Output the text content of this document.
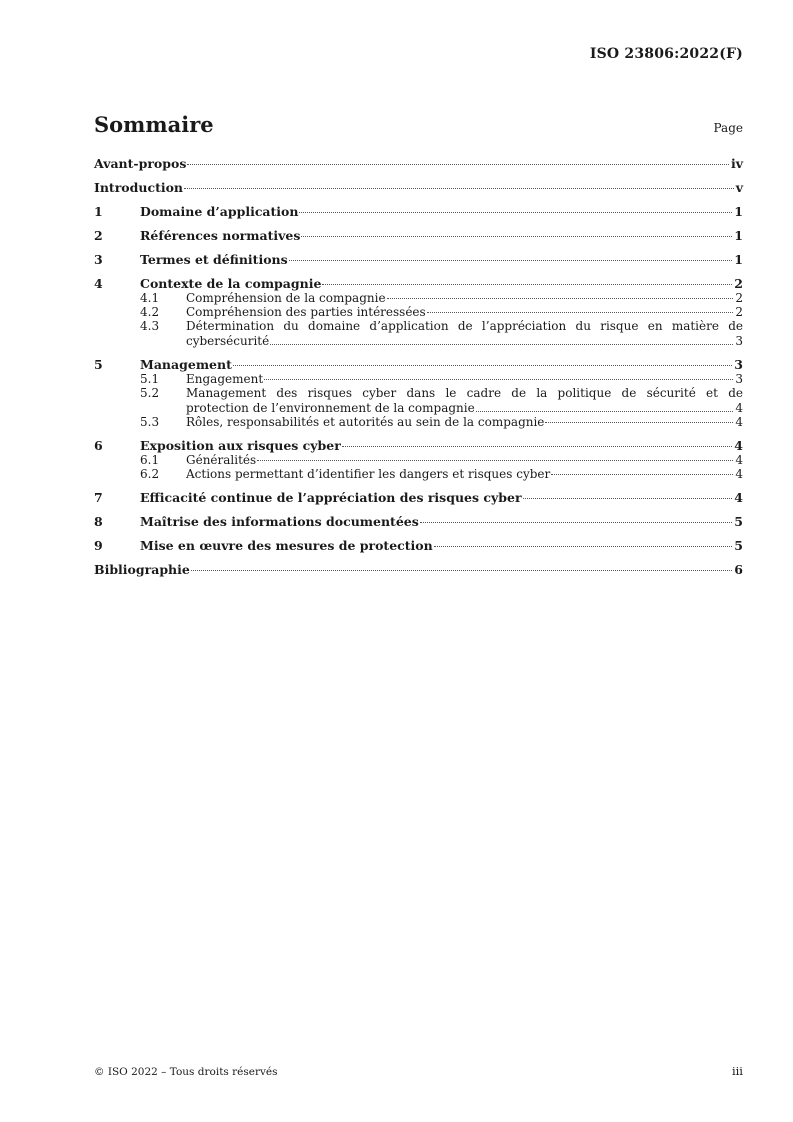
ISO 23806:2022(F)
Sommaire	Page
Avant-propos	iv
Introduction	v
1	Domaine d’application	1
2	Références normatives	1
3	Termes et définitions	1
4	Contexte de la compagnie	2
4.1	Compréhension de la compagnie	2
4.2	Compréhension des parties intéressées	2
4.3	Détermination du domaine d’application de l’appréciation du risque en matière de
cybersécurité	3
5	Management	3
5.1	Engagement	3
5.2	Management des risques cyber dans le cadre de la politique de sécurité et de
protection de l’environnement de la compagnie	4
5.3	Rôles, responsabilités et autorités au sein de la compagnie	4
6	Exposition aux risques cyber	4
6.1	Généralités	4
6.2	Actions permettant d’identifier les dangers et risques cyber	4
7	Efficacité continue de l’appréciation des risques cyber	4
8	Maîtrise des informations documentées	5
9	Mise en œuvre des mesures de protection	5
Bibliographie	6
© ISO 2022 – Tous droits réservés	iii
